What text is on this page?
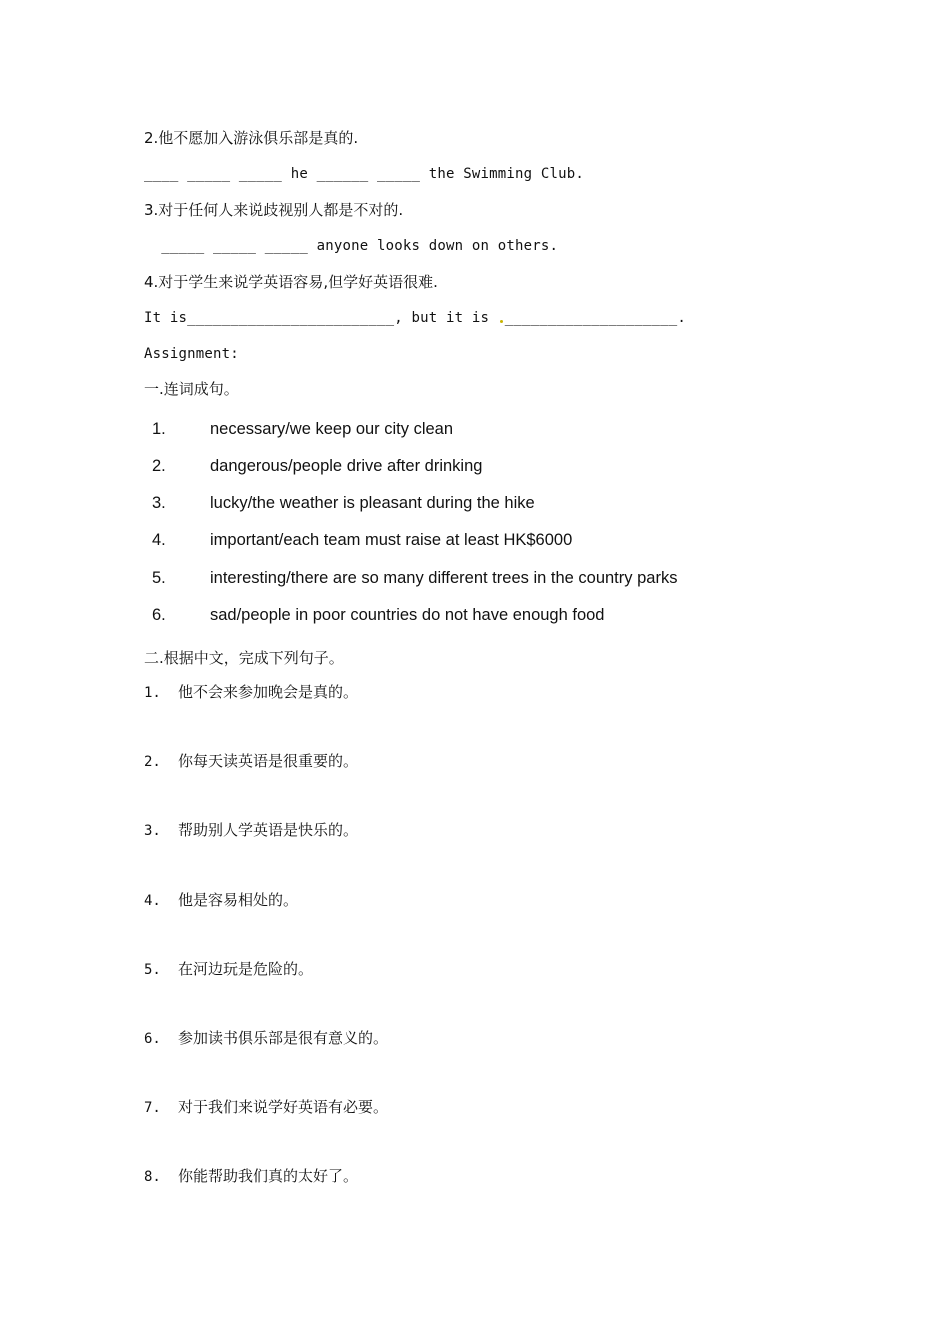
2.他不愿加入游泳俱乐部是真的.
____ _____ _____ he ______ _____ the Swimming Club.
3.对于任何人来说歧视别人都是不对的.
_____ _____ _____ anyone looks down on others.
4.对于学生来说学英语容易,但学好英语很难.
It is________________________, but it is ____________________.
Assignment:
一.连词成句。
1.	necessary/we keep our city clean
2.	dangerous/people drive after drinking
3.	lucky/the weather is pleasant during the hike
4.	important/each team must raise at least HK$6000
5.	interesting/there are so many different trees in the country parks
6.	sad/people in poor countries do not have enough food
二.根据中文，完成下列句子。
1. 他不会来参加晚会是真的。
2. 你每天读英语是很重要的。
3. 帮助别人学英语是快乐的。
4. 他是容易相处的。
5. 在河边玩是危险的。
6. 参加读书俱乐部是很有意义的。
7. 对于我们来说学好英语有必要。
8. 你能帮助我们真的太好了。
